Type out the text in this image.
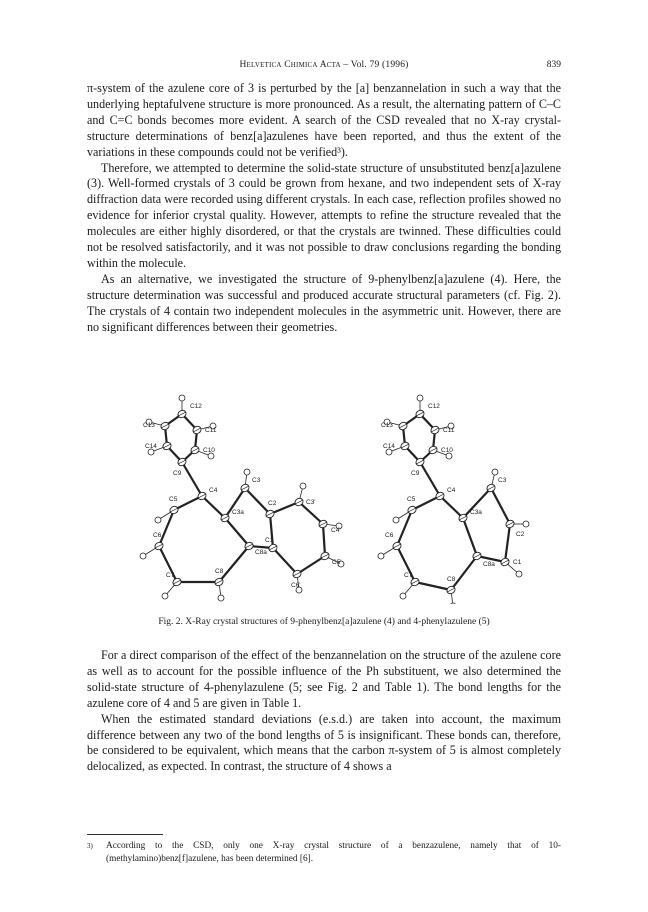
Helvetica Chimica Acta – Vol. 79 (1996)	839

π-system of the azulene core of 3 is perturbed by the [a] benzannelation in such a way that the underlying heptafulvene structure is more pronounced. As a result, the alternating pattern of C–C and C=C bonds becomes more evident. A search of the CSD revealed that no X-ray crystal-structure determinations of benz[a]azulenes have been reported, and thus the extent of the variations in these compounds could not be verified³).

Therefore, we attempted to determine the solid-state structure of unsubstituted benz[a]azulene (3). Well-formed crystals of 3 could be grown from hexane, and two independent sets of X-ray diffraction data were recorded using different crystals. In each case, reflection profiles showed no evidence for inferior crystal quality. However, attempts to refine the structure revealed that the molecules are either highly disordered, or that the crystals are twinned. These difficulties could not be resolved satisfactorily, and it was not possible to draw conclusions regarding the bonding within the molecule.

As an alternative, we investigated the structure of 9-phenylbenz[a]azulene (4). Here, the structure determination was successful and produced accurate structural parameters (cf. Fig. 2). The crystals of 4 contain two independent molecules in the asymmetric unit. However, there are no significant differences between their geometries.

C12
C13
C11
C14
C10
C9
C4
C3
C5
C3a
C2	C3'
C4'
C6
C8a
C1
C5'
C7
C8
C6'
C12
C13
C11
C14
C10
C9
C4
C3
C5
C3a
C6	C2
C8a	C1
C7
C8
Fig. 2. X-Ray crystal structures of 9-phenylbenz[a]azulene (4) and 4-phenylazulene (5)

For a direct comparison of the effect of the benzannelation on the structure of the azulene core as well as to account for the possible influence of the Ph substituent, we also determined the solid-state structure of 4-phenylazulene (5; see Fig. 2 and Table 1). The bond lengths for the azulene core of 4 and 5 are given in Table 1.

When the estimated standard deviations (e.s.d.) are taken into account, the maximum difference between any two of the bond lengths of 5 is insignificant. These bonds can, therefore, be considered to be equivalent, which means that the carbon π-system of 5 is almost completely delocalized, as expected. In contrast, the structure of 4 shows a

3)	According to the CSD, only one X-ray crystal structure of a benzazulene, namely that of 10-(methylamino)benz[f]azulene, has been determined [6].
